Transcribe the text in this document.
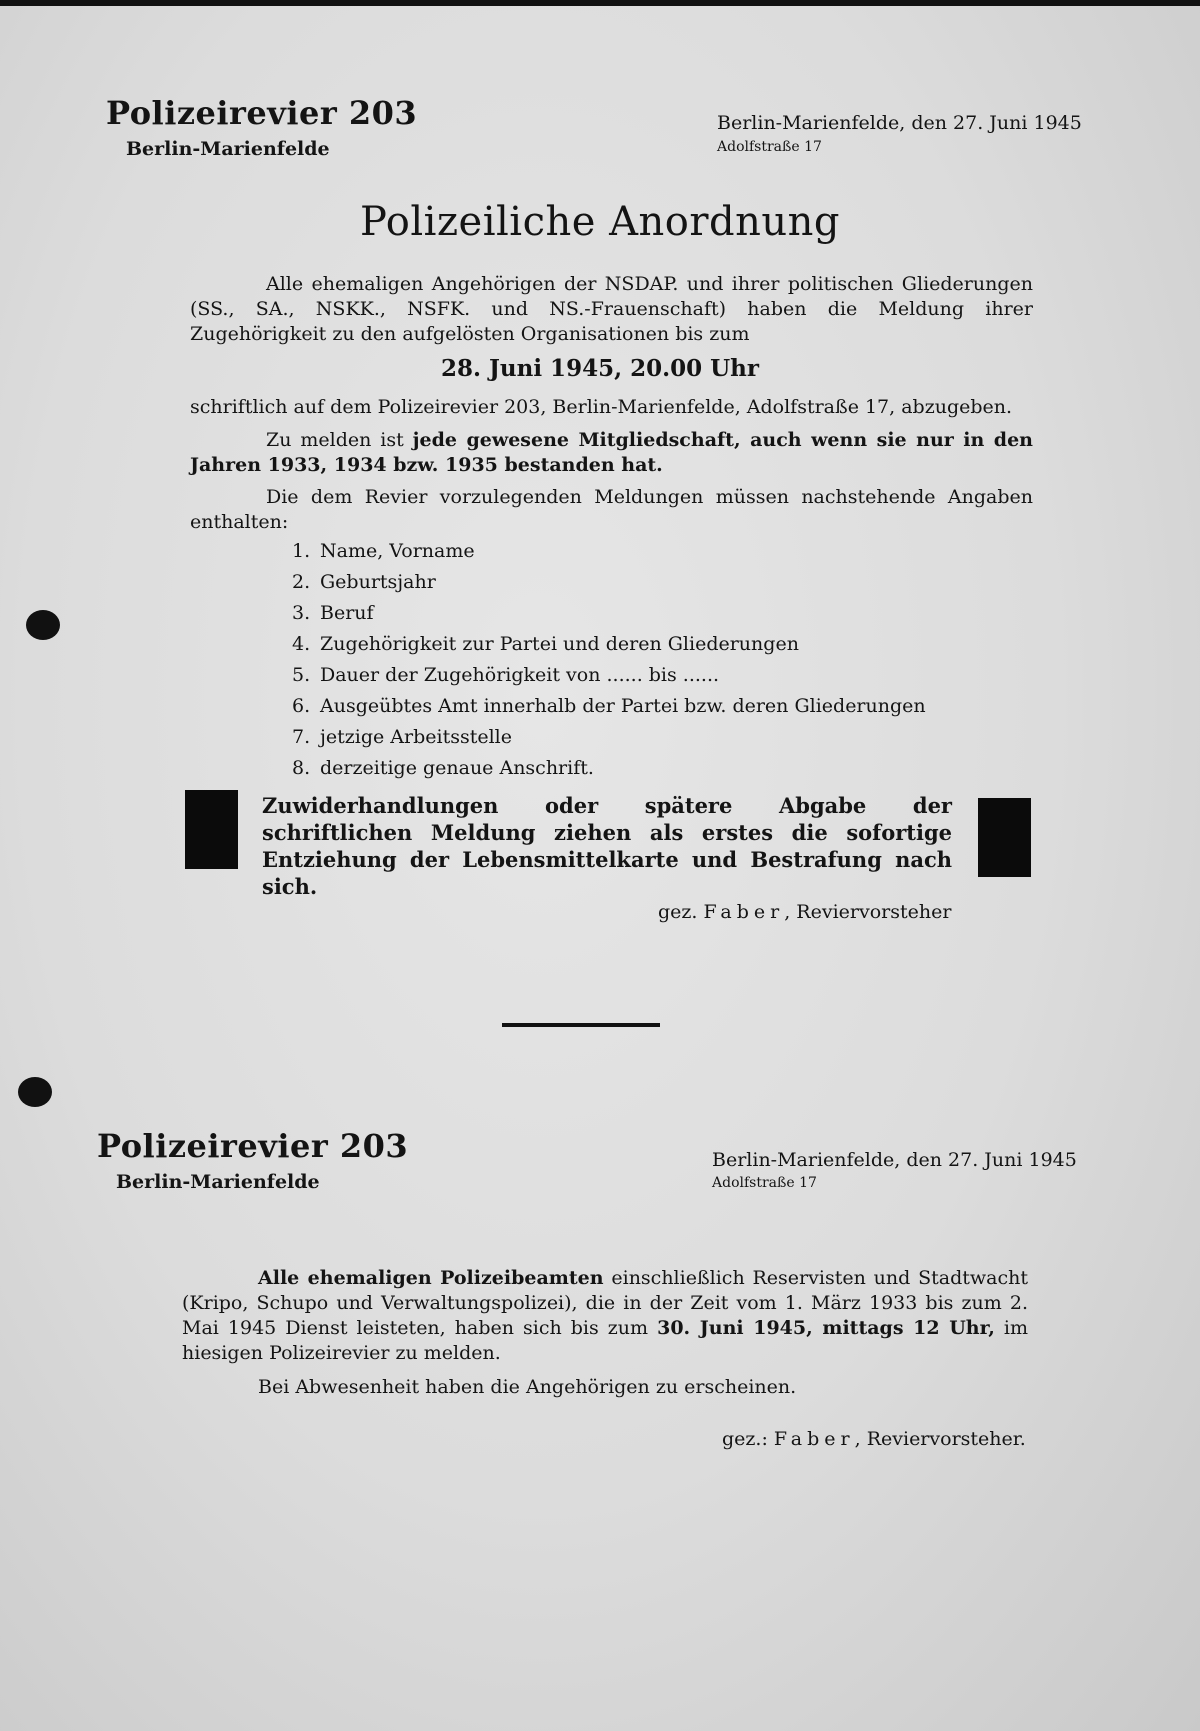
Polizeirevier 203
Berlin-Marienfelde
Berlin-Marienfelde, den 27. Juni 1945
Adolfstraße 17
Polizeiliche Anordnung
Alle ehemaligen Angehörigen der NSDAP. und ihrer politischen Gliederungen (SS., SA., NSKK., NSFK. und NS.-Frauenschaft) haben die Meldung ihrer Zugehörigkeit zu den aufgelösten Organisationen bis zum
28. Juni 1945, 20.00 Uhr
schriftlich auf dem Polizeirevier 203, Berlin-Marienfelde, Adolfstraße 17, abzugeben.
Zu melden ist jede gewesene Mitgliedschaft, auch wenn sie nur in den Jahren 1933, 1934 bzw. 1935 bestanden hat.
Die dem Revier vorzulegenden Meldungen müssen nachstehende Angaben enthalten:
1. Name, Vorname
2. Geburtsjahr
3. Beruf
4. Zugehörigkeit zur Partei und deren Gliederungen
5. Dauer der Zugehörigkeit von ...... bis ......
6. Ausgeübtes Amt innerhalb der Partei bzw. deren Gliederungen
7. jetzige Arbeitsstelle
8. derzeitige genaue Anschrift.
Zuwiderhandlungen oder spätere Abgabe der schriftlichen Meldung ziehen als erstes die sofortige Entziehung der Lebensmittelkarte und Bestrafung nach sich.
gez. Faber, Reviervorsteher
Polizeirevier 203
Berlin-Marienfelde
Berlin-Marienfelde, den 27. Juni 1945
Adolfstraße 17
Alle ehemaligen Polizeibeamten einschließlich Reservisten und Stadtwacht (Kripo, Schupo und Verwaltungspolizei), die in der Zeit vom 1. März 1933 bis zum 2. Mai 1945 Dienst leisteten, haben sich bis zum 30. Juni 1945, mittags 12 Uhr, im hiesigen Polizeirevier zu melden.
Bei Abwesenheit haben die Angehörigen zu erscheinen.
gez.: Faber, Reviervorsteher.
